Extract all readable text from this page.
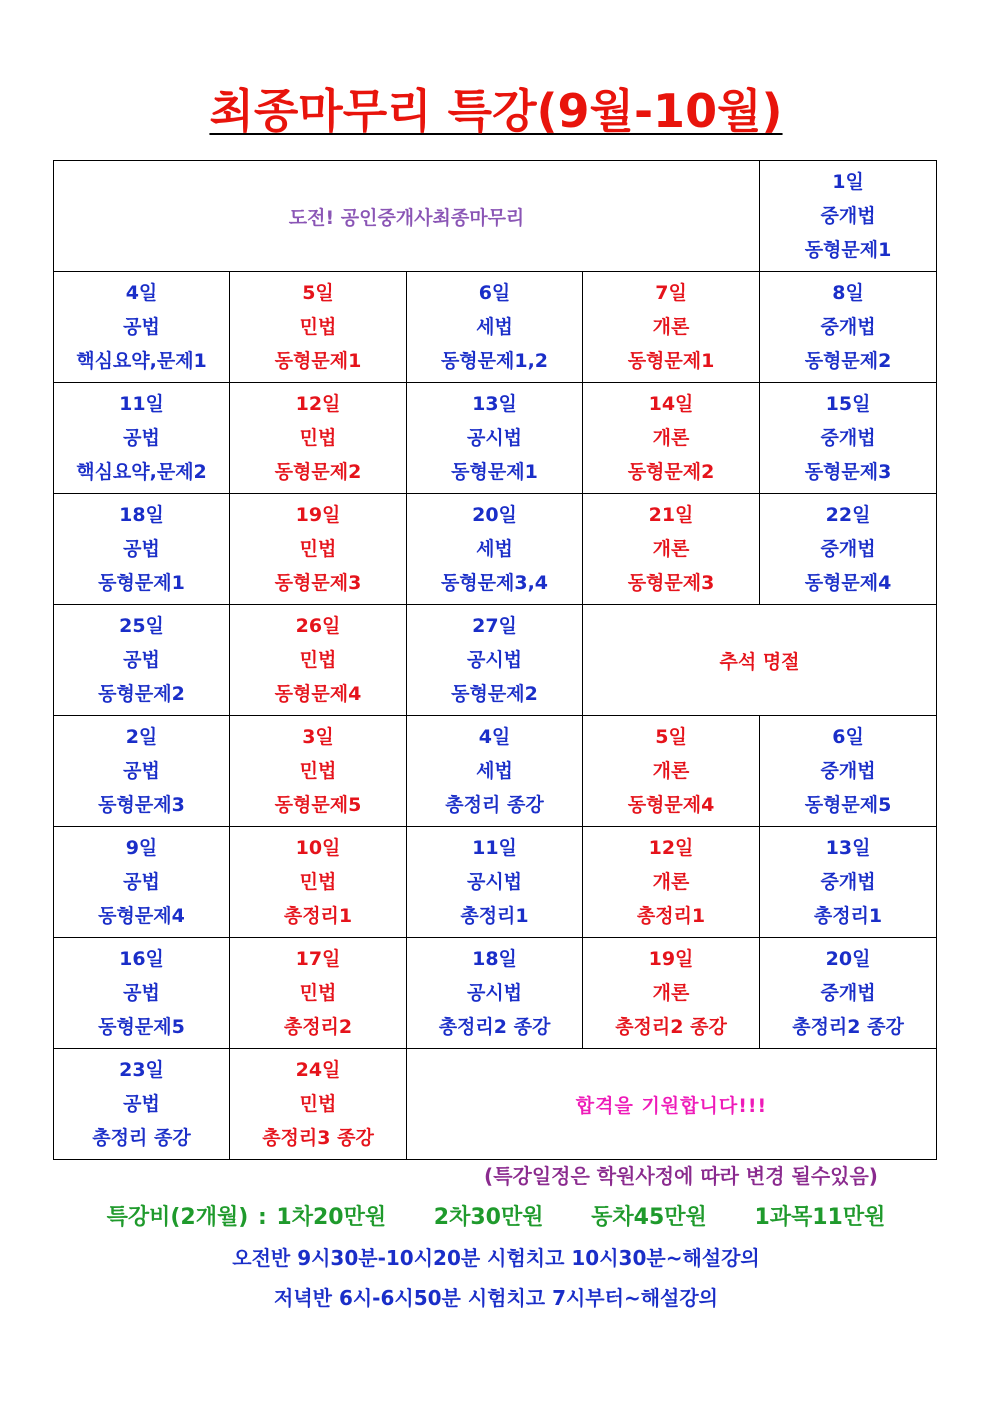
최종마무리 특강(9월-10월)
도전! 공인중개사최종마무리				1일
중개법
동형문제1

4일
공법
핵심요약,문제1	5일
민법
동형문제1	6일
세법
동형문제1,2	7일
개론
동형문제1	8일
중개법
동형문제2

11일
공법
핵심요약,문제2	12일
민법
동형문제2	13일
공시법
동형문제1	14일
개론
동형문제2	15일
중개법
동형문제3

18일
공법
동형문제1	19일
민법
동형문제3	20일
세법
동형문제3,4	21일
개론
동형문제3	22일
중개법
동형문제4

25일
공법
동형문제2	26일
민법
동형문제4	27일
공시법
동형문제2	추석 명절	

2일
공법
동형문제3	3일
민법
동형문제5	4일
세법
총정리 종강	5일
개론
동형문제4	6일
중개법
동형문제5

9일
공법
동형문제4	10일
민법
총정리1	11일
공시법
총정리1	12일
개론
총정리1	13일
중개법
총정리1

16일
공법
동형문제5	17일
민법
총정리2	18일
공시법
총정리2 종강	19일
개론
총정리2 종강	20일
중개법
총정리2 종강

23일
공법
총정리 종강	24일
민법
총정리3 종강	합격을 기원합니다!!!		
(특강일정은 학원사정에 따라 변경 될수있음)
특강비(2개월) : 1차20만원 2차30만원 동차45만원 1과목11만원
오전반 9시30분-10시20분 시험치고 10시30분~해설강의
저녁반 6시-6시50분 시험치고 7시부터~해설강의
